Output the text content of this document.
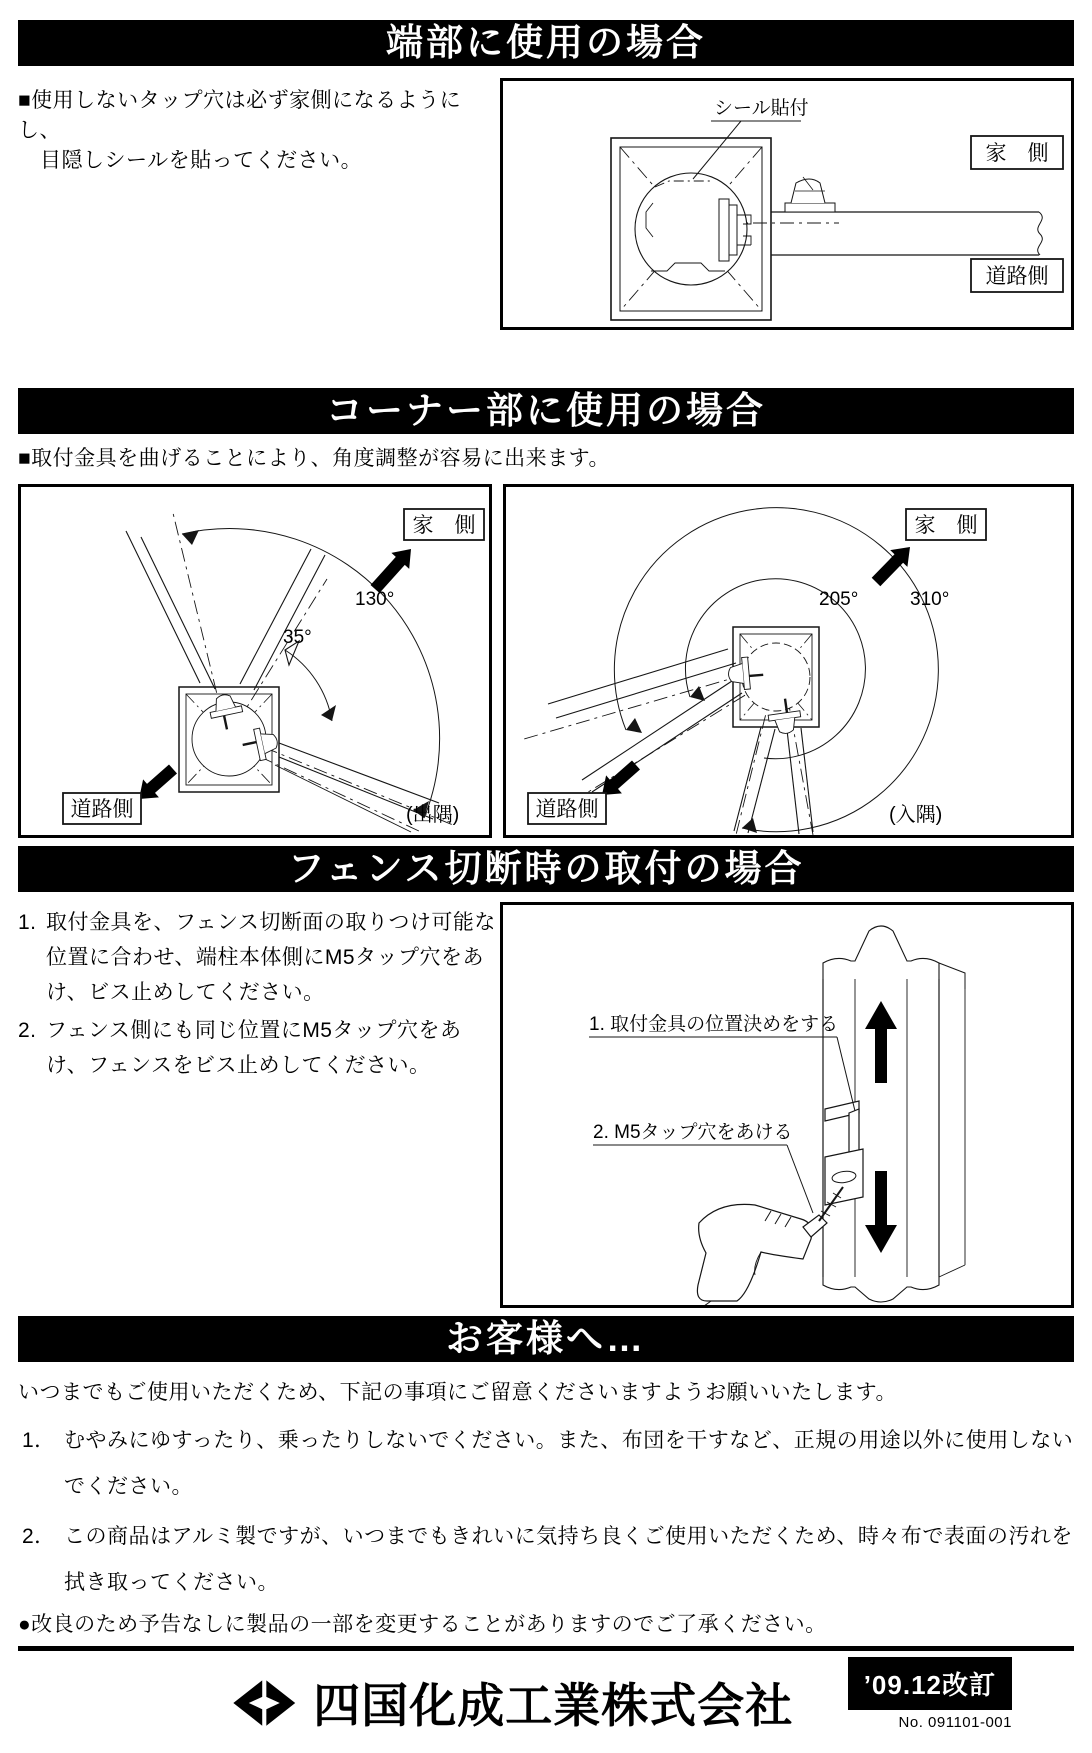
端部に使用の場合
■使用しないタップ穴は必ず家側になるようにし、
目隠しシールを貼ってください。
シール貼付
家　側
道路側
コーナー部に使用の場合
■取付金具を曲げることにより、角度調整が容易に出来ます。
130°
35°
家　側
道路側	(出隅)
205°	310°
家　側
道路側	(入隅)
フェンス切断時の取付の場合
1. 取付金具を、フェンス切断面の取りつけ可能な位置に合わせ、端柱本体側にM5タップ穴をあけ、ビス止めしてください。
2. フェンス側にも同じ位置にM5タップ穴をあけ、フェンスをビス止めしてください。
1. 取付金具の位置決めをする
2. M5タップ穴をあける
お客様へ…
いつまでもご使用いただくため、下記の事項にご留意くださいますようお願いいたします。
1． むやみにゆすったり、乗ったりしないでください。また、布団を干すなど、正規の用途以外に使用しないでください。
2． この商品はアルミ製ですが、いつまでもきれいに気持ち良くご使用いただくため、時々布で表面の汚れを拭き取ってください。
●改良のため予告なしに製品の一部を変更することがありますのでご了承ください。
四国化成工業株式会社	’09.12改訂
No. 091101-001
